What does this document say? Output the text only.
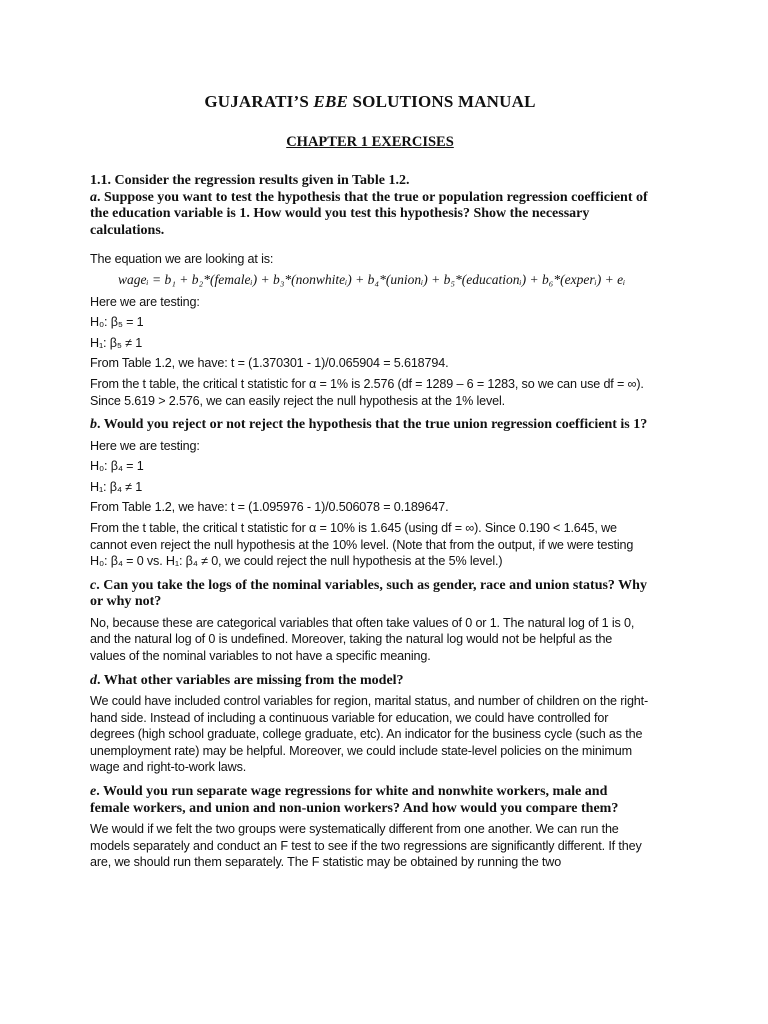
GUJARATI’S EBE SOLUTIONS MANUAL
CHAPTER 1 EXERCISES

1.1. Consider the regression results given in Table 1.2.

a. Suppose you want to test the hypothesis that the true or population regression coefficient of the education variable is 1. How would you test this hypothesis? Show the necessary calculations.

The equation we are looking at is:

wageᵢ = b₁ + b₂*(femaleᵢ) + b₃*(nonwhiteᵢ) + b₄*(unionᵢ) + b₅*(educationᵢ) + b₆*(experᵢ) + eᵢ

Here we are testing:

H₀: β₅ = 1

H₁: β₅ ≠ 1

From Table 1.2, we have: t = (1.370301 - 1)/0.065904 = 5.618794.

From the t table, the critical t statistic for α = 1% is 2.576 (df = 1289 – 6 = 1283, so we can use df = ∞). Since 5.619 > 2.576, we can easily reject the null hypothesis at the 1% level.

b. Would you reject or not reject the hypothesis that the true union regression coefficient is 1?

Here we are testing:

H₀: β₄ = 1

H₁: β₄ ≠ 1

From Table 1.2, we have: t = (1.095976 - 1)/0.506078 = 0.189647.

From the t table, the critical t statistic for α = 10% is 1.645 (using df = ∞). Since 0.190 < 1.645, we cannot even reject the null hypothesis at the 10% level. (Note that from the output, if we were testing H₀: β₄ = 0 vs. H₁: β₄ ≠ 0, we could reject the null hypothesis at the 5% level.)

c. Can you take the logs of the nominal variables, such as gender, race and union status? Why or why not?

No, because these are categorical variables that often take values of 0 or 1. The natural log of 1 is 0, and the natural log of 0 is undefined. Moreover, taking the natural log would not be helpful as the values of the nominal variables to not have a specific meaning.

d. What other variables are missing from the model?

We could have included control variables for region, marital status, and number of children on the right-hand side. Instead of including a continuous variable for education, we could have controlled for degrees (high school graduate, college graduate, etc). An indicator for the business cycle (such as the unemployment rate) may be helpful. Moreover, we could include state-level policies on the minimum wage and right-to-work laws.

e. Would you run separate wage regressions for white and nonwhite workers, male and female workers, and union and non-union workers? And how would you compare them?

We would if we felt the two groups were systematically different from one another. We can run the models separately and conduct an F test to see if the two regressions are significantly different. If they are, we should run them separately. The F statistic may be obtained by running the two
